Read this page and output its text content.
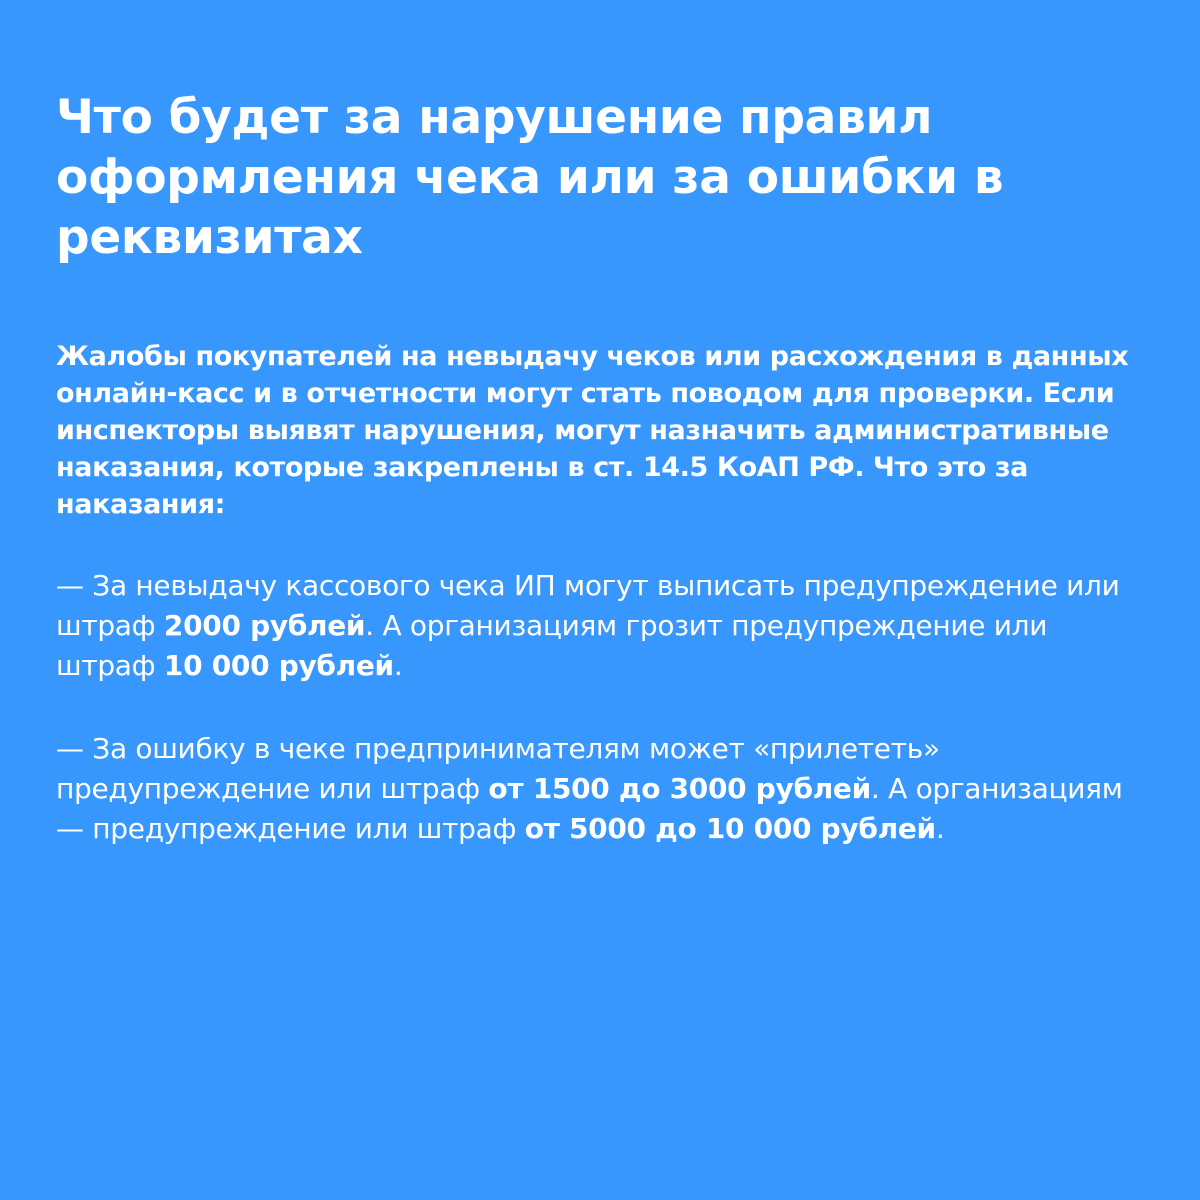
Что будет за нарушение правил оформления чека или за ошибки в реквизитах

Жалобы покупателей на невыдачу чеков или расхождения в данных онлайн-касс и в отчетности могут стать поводом для проверки. Если инспекторы выявят нарушения, могут назначить административные наказания, которые закреплены в ст. 14.5 КоАП РФ. Что это за наказания:

— За невыдачу кассового чека ИП могут выписать предупреждение или штраф 2000 рублей. А организациям грозит предупреждение или штраф 10 000 рублей.

— За ошибку в чеке предпринимателям может «прилететь» предупреждение или штраф от 1500 до 3000 рублей. А организациям — предупреждение или штраф от 5000 до 10 000 рублей.
